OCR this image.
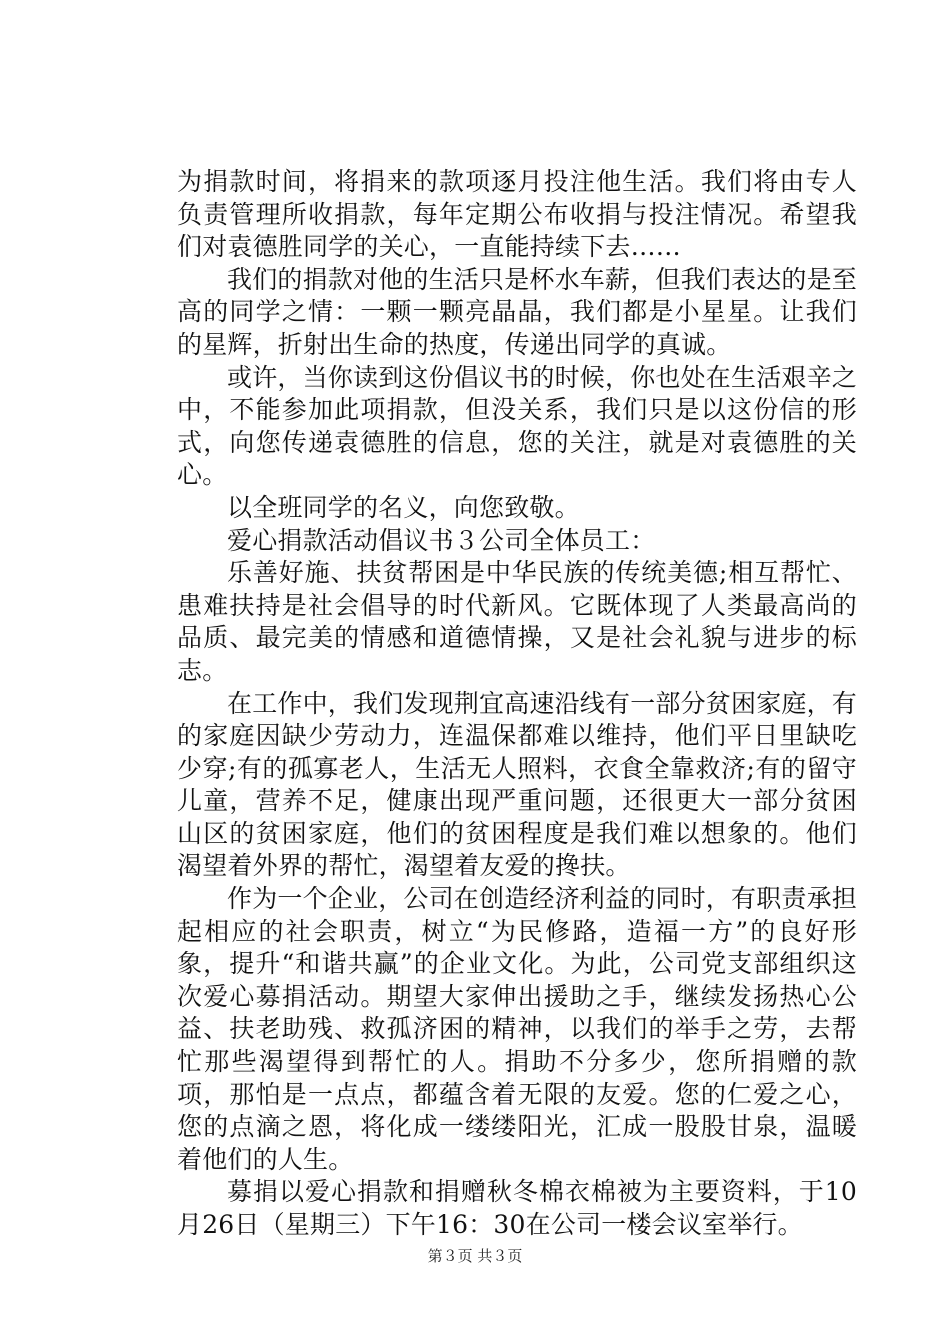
为捐款时间，将捐来的款项逐月投注他生活。我们将由专人负责管理所收捐款，每年定期公布收捐与投注情况。希望我们对袁德胜同学的关心，一直能持续下去……

我们的捐款对他的生活只是杯水车薪，但我们表达的是至高的同学之情：一颗一颗亮晶晶，我们都是小星星。让我们的星辉，折射出生命的热度，传递出同学的真诚。

或许，当你读到这份倡议书的时候，你也处在生活艰辛之中，不能参加此项捐款，但没关系，我们只是以这份信的形式，向您传递袁德胜的信息，您的关注，就是对袁德胜的关心。

以全班同学的名义，向您致敬。

爱心捐款活动倡议书３公司全体员工：

乐善好施、扶贫帮困是中华民族的传统美德;相互帮忙、患难扶持是社会倡导的时代新风。它既体现了人类最高尚的品质、最完美的情感和道德情操，又是社会礼貌与进步的标志。

在工作中，我们发现荆宜高速沿线有一部分贫困家庭，有的家庭因缺少劳动力，连温保都难以维持，他们平日里缺吃少穿;有的孤寡老人，生活无人照料，衣食全靠救济;有的留守儿童，营养不足，健康出现严重问题，还很更大一部分贫困山区的贫困家庭，他们的贫困程度是我们难以想象的。他们渴望着外界的帮忙，渴望着友爱的搀扶。

作为一个企业，公司在创造经济利益的同时，有职责承担起相应的社会职责，树立“为民修路，造福一方”的良好形象，提升“和谐共赢”的企业文化。为此，公司党支部组织这次爱心募捐活动。期望大家伸出援助之手，继续发扬热心公益、扶老助残、救孤济困的精神，以我们的举手之劳，去帮忙那些渴望得到帮忙的人。捐助不分多少，您所捐赠的款项，那怕是一点点，都蕴含着无限的友爱。您的仁爱之心，您的点滴之恩，将化成一缕缕阳光，汇成一股股甘泉，温暖着他们的人生。

募捐以爱心捐款和捐赠秋冬棉衣棉被为主要资料，于10月26日（星期三）下午16：30在公司一楼会议室举行。

第３页 共３页
